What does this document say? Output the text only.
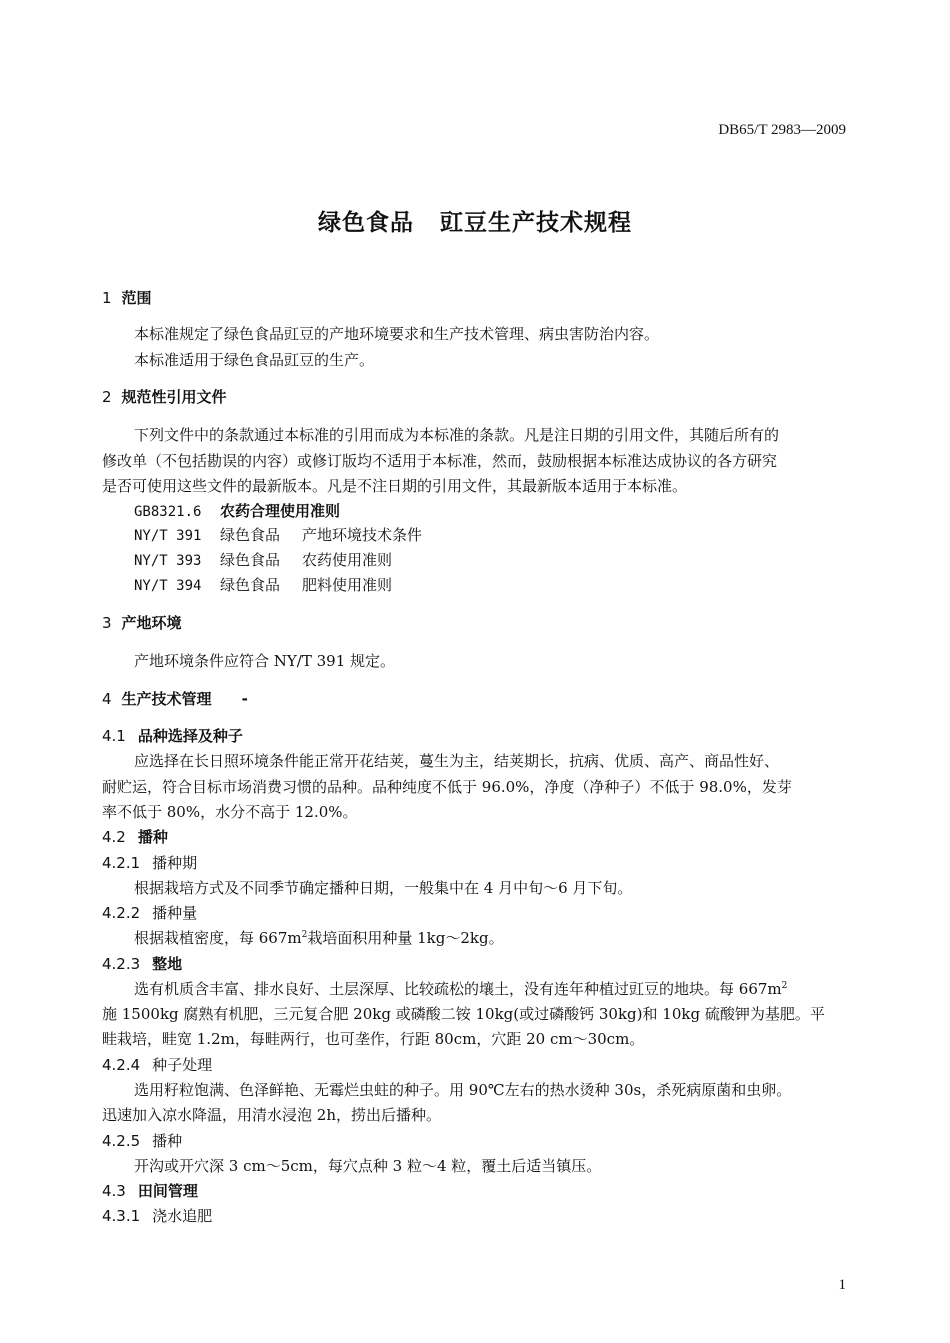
DB65/T 2983—2009
绿色食品 豇豆生产技术规程
1 范围
本标准规定了绿色食品豇豆的产地环境要求和生产技术管理、病虫害防治内容。
本标准适用于绿色食品豇豆的生产。
2 规范性引用文件
下列文件中的条款通过本标准的引用而成为本标准的条款。凡是注日期的引用文件，其随后所有的
修改单（不包括勘误的内容）或修订版均不适用于本标准，然而，鼓励根据本标准达成协议的各方研究
是否可使用这些文件的最新版本。凡是不注日期的引用文件，其最新版本适用于本标准。
GB8321.6 农药合理使用准则
NY/T 391 绿色食品 产地环境技术条件
NY/T 393 绿色食品 农药使用准则
NY/T 394 绿色食品 肥料使用准则
3 产地环境
产地环境条件应符合 NY/T 391 规定。
4 生产技术管理 -
4.1 品种选择及种子
应选择在长日照环境条件能正常开花结荚，蔓生为主，结荚期长，抗病、优质、高产、商品性好、
耐贮运，符合目标市场消费习惯的品种。品种纯度不低于 96.0%，净度（净种子）不低于 98.0%，发芽
率不低于 80%，水分不高于 12.0%。
4.2 播种
4.2.1 播种期
根据栽培方式及不同季节确定播种日期，一般集中在 4 月中旬～6 月下旬。
4.2.2 播种量
根据栽植密度，每 $667m^2$栽培面积用种量 1kg～2kg。
4.2.3 整地
选有机质含丰富、排水良好、土层深厚、比较疏松的壤土，没有连年种植过豇豆的地块。每 $667m^2$
施 1500kg 腐熟有机肥，三元复合肥 20kg 或磷酸二铵 10kg(或过磷酸钙 30kg)和 10kg 硫酸钾为基肥。平
畦栽培，畦宽 1.2m，每畦两行，也可垄作，行距 80cm，穴距 20 cm～30cm。
4.2.4 种子处理
选用籽粒饱满、色泽鲜艳、无霉烂虫蛀的种子。用 90℃左右的热水烫种 30s，杀死病原菌和虫卵。
迅速加入凉水降温，用清水浸泡 2h，捞出后播种。
4.2.5 播种
开沟或开穴深 3 cm～5cm，每穴点种 3 粒～4 粒，覆土后适当镇压。
4.3 田间管理
4.3.1 浇水追肥
1
